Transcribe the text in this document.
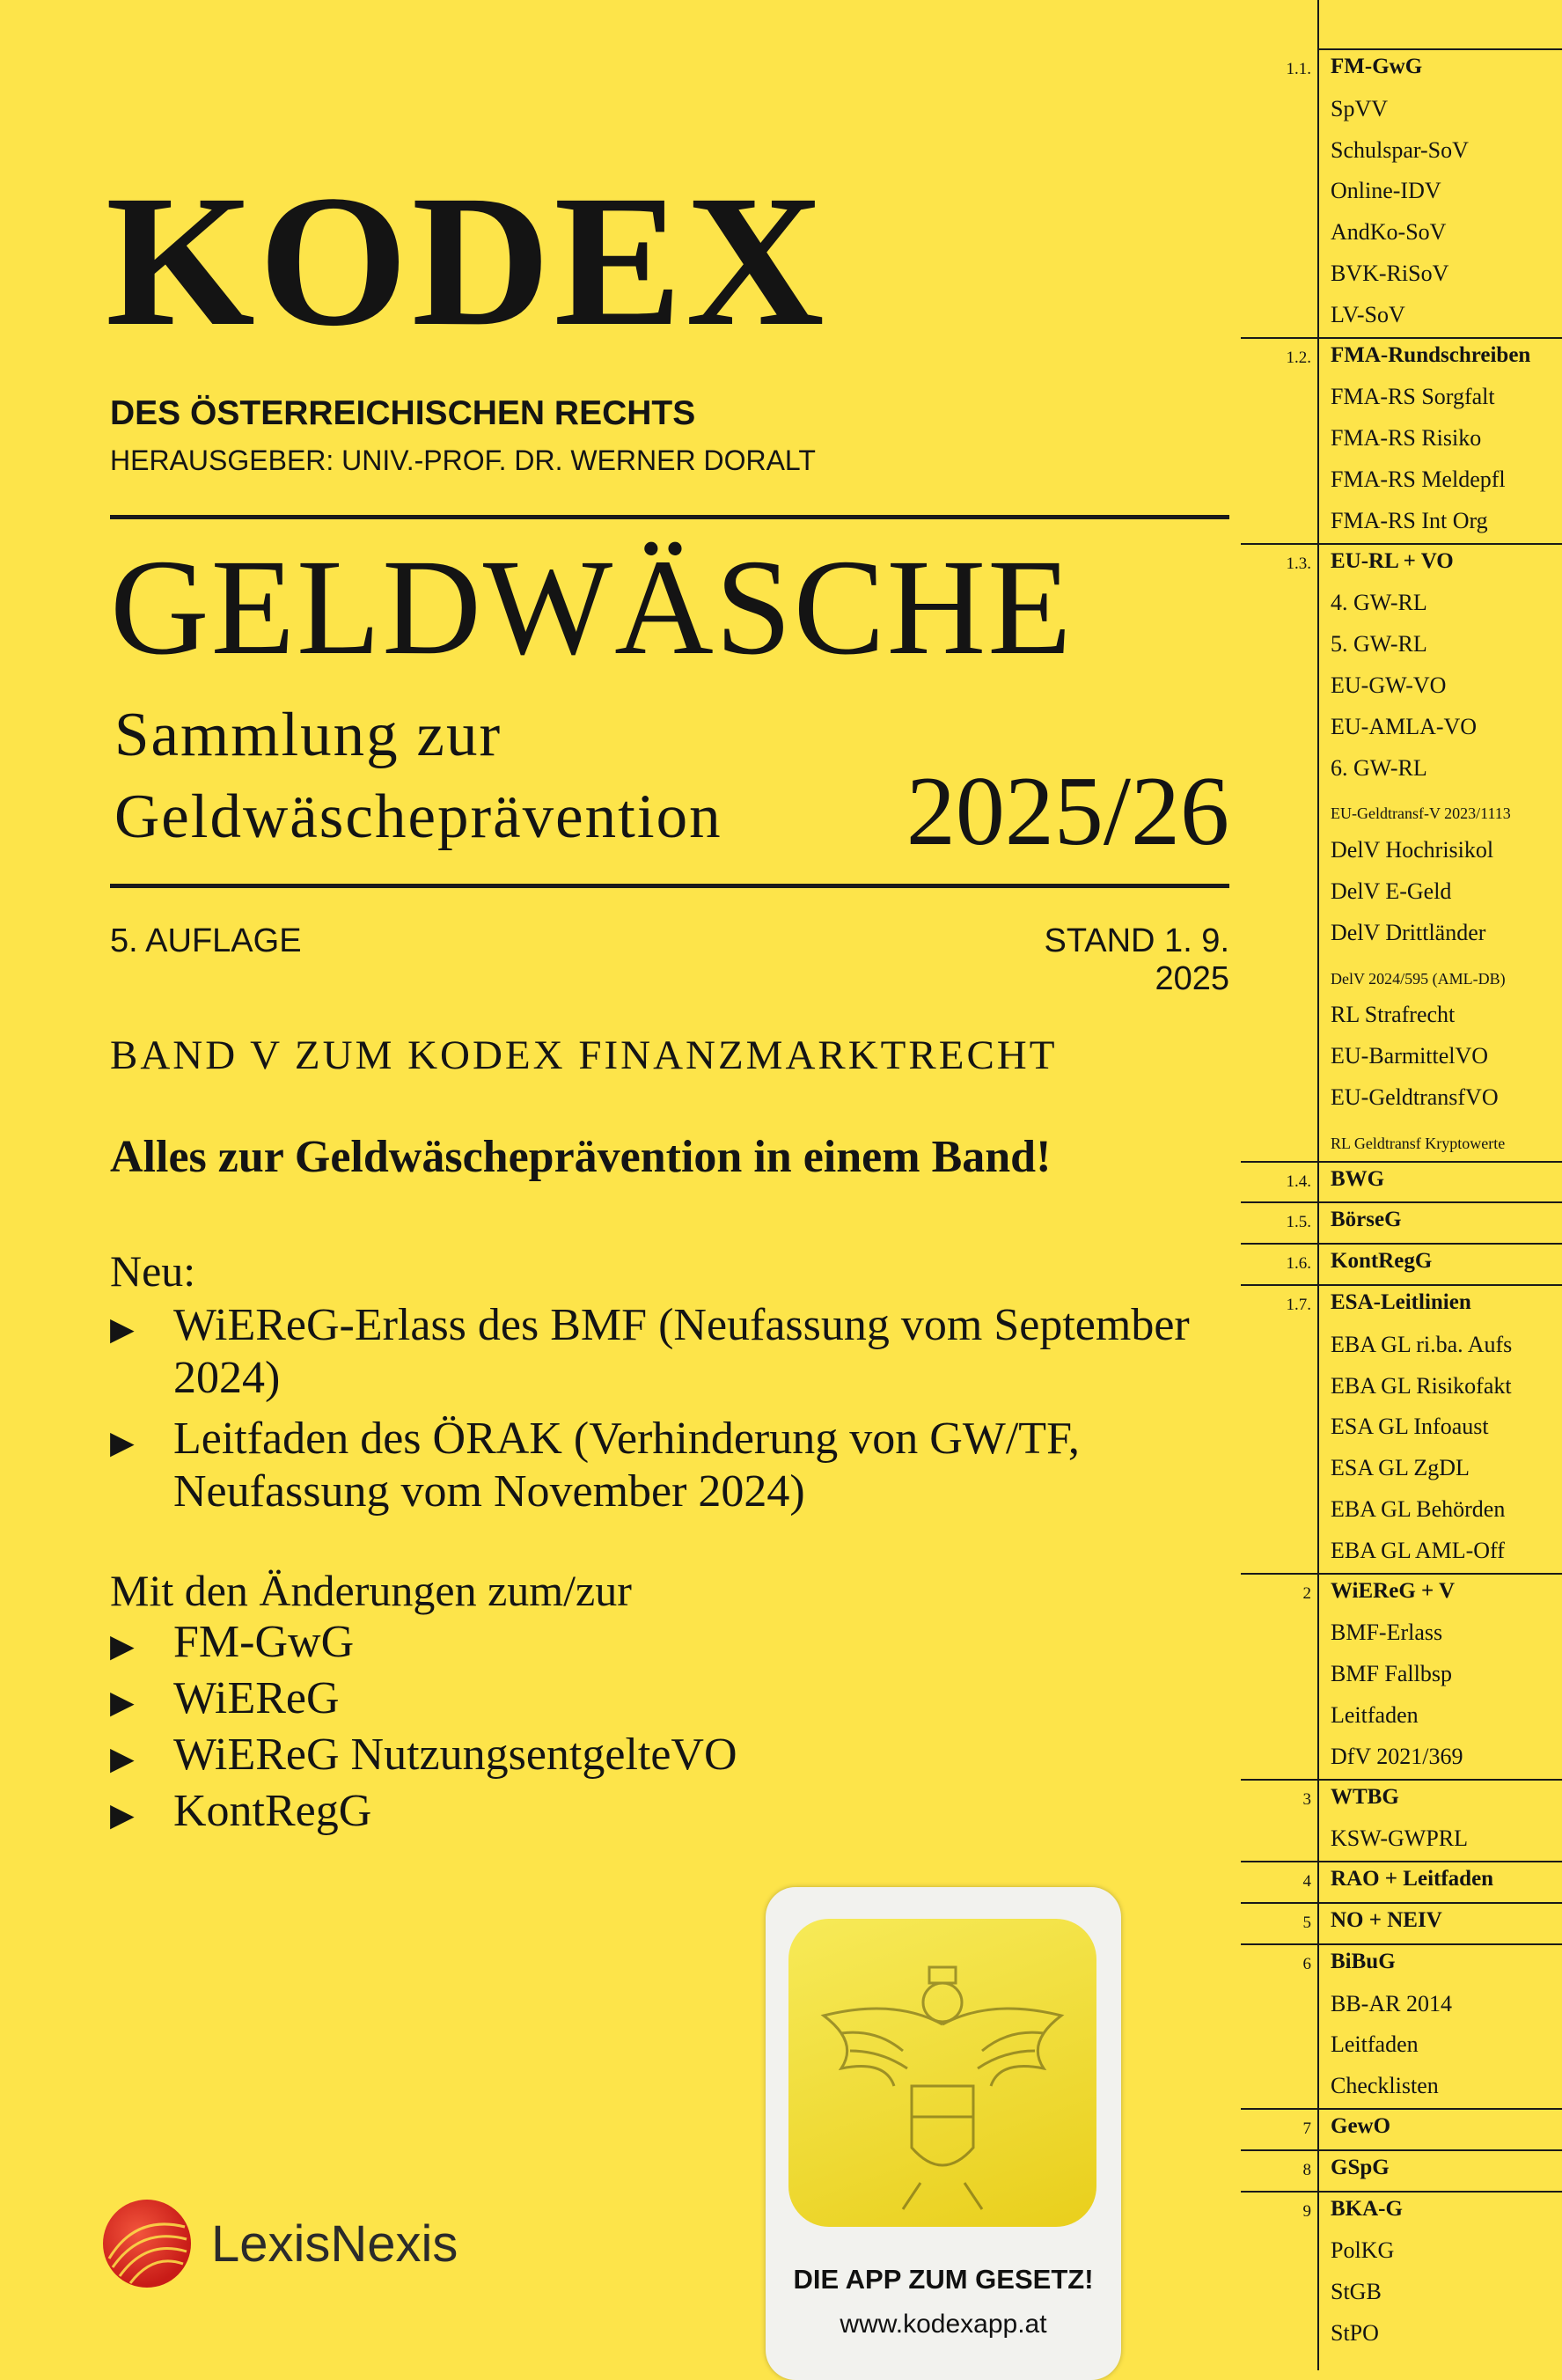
KODEX
DES ÖSTERREICHISCHEN RECHTS
HERAUSGEBER: UNIV.-PROF. DR. WERNER DORALT
GELDWÄSCHE
Sammlung zur
Geldwäscheprävention 2025/26
5. AUFLAGE	STAND 1. 9. 2025
BAND V ZUM KODEX FINANZMARKTRECHT
Alles zur Geldwäscheprävention in einem Band!
Neu:
▶ WiEReG-Erlass des BMF (Neufassung vom September
2024)
▶ Leitfaden des ÖRAK (Verhinderung von GW/TF,
Neufassung vom November 2024)
Mit den Änderungen zum/zur
▶ FM-GwG
▶ WiEReG
▶ WiEReG NutzungsentgelteVO
▶ KontRegG
LexisNexis
DIE APP ZUM GESETZ!
www.kodexapp.at
1.1. FM-GwG
SpVV
Schulspar-SoV
Online-IDV
AndKo-SoV
BVK-RiSoV
LV-SoV
1.2. FMA-Rundschreiben
FMA-RS Sorgfalt
FMA-RS Risiko
FMA-RS Meldepfl
FMA-RS Int Org
1.3. EU-RL + VO
4. GW-RL
5. GW-RL
EU-GW-VO
EU-AMLA-VO
6. GW-RL
EU-Geldtransf-V 2023/1113
DelV Hochrisikol
DelV E-Geld
DelV Drittländer
DelV 2024/595 (AML-DB)
RL Strafrecht
EU-BarmittelVO
EU-GeldtransfVO
RL Geldtransf Kryptowerte
1.4. BWG
1.5. BörseG
1.6. KontRegG
1.7. ESA-Leitlinien
EBA GL ri.ba. Aufs
EBA GL Risikofakt
ESA GL Infoaust
ESA GL ZgDL
EBA GL Behörden
EBA GL AML-Off
2 WiEReG + V
BMF-Erlass
BMF Fallbsp
Leitfaden
DfV 2021/369
3 WTBG
KSW-GWPRL
4 RAO + Leitfaden
5 NO + NEIV
6 BiBuG
BB-AR 2014
Leitfaden
Checklisten
7 GewO
8 GSpG
9 BKA-G
PolKG
StGB
StPO
